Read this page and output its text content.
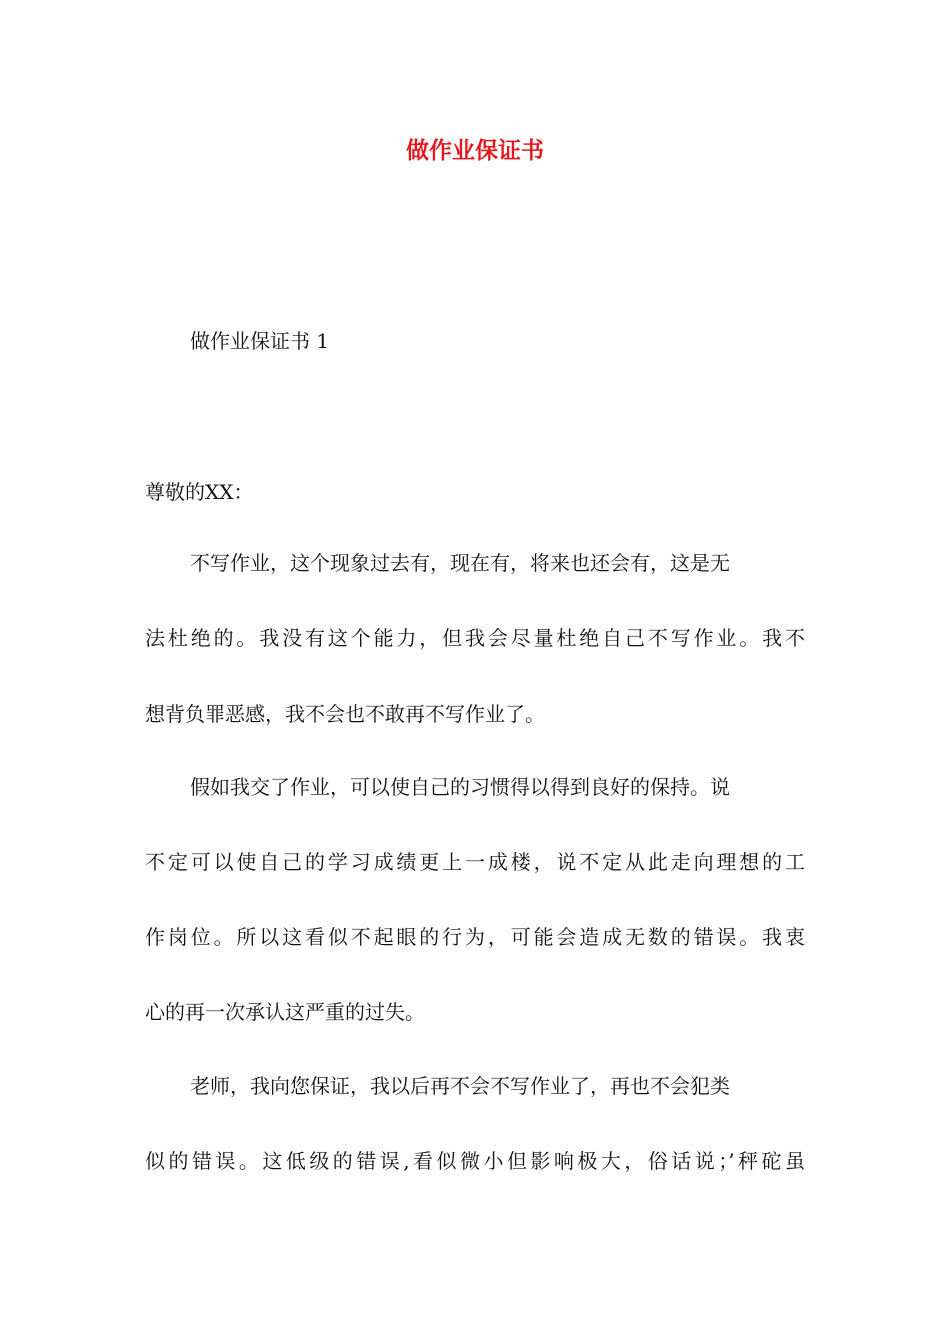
做作业保证书

做作业保证书 1

尊敬的XX：

不写作业，这个现象过去有，现在有，将来也还会有，这是无

法杜绝的。我没有这个能力，但我会尽量杜绝自己不写作业。我不

想背负罪恶感，我不会也不敢再不写作业了。

假如我交了作业，可以使自己的习惯得以得到良好的保持。说

不定可以使自己的学习成绩更上一成楼，说不定从此走向理想的工

作岗位。所以这看似不起眼的行为，可能会造成无数的错误。我衷

心的再一次承认这严重的过失。

老师，我向您保证，我以后再不会不写作业了，再也不会犯类

似的错误。这低级的错误,看似微小但影响极大，俗话说；’秤砣虽
